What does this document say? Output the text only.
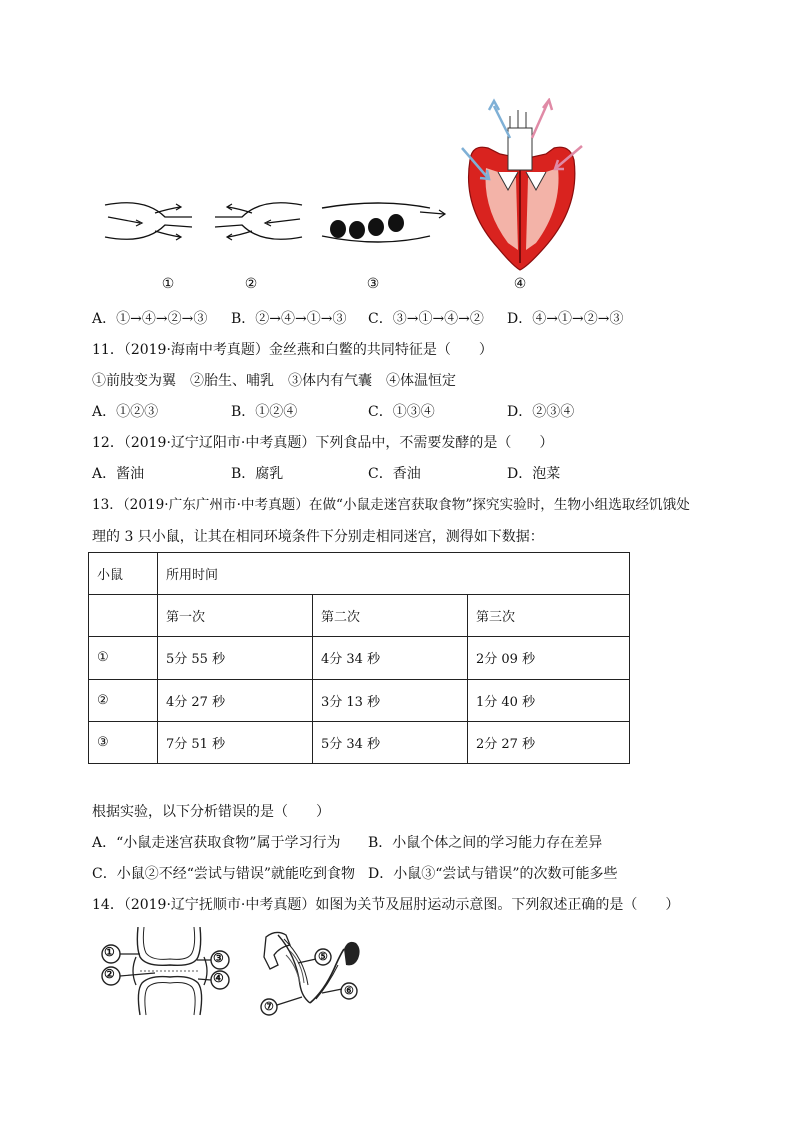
①	②	③	④
A．①→④→②→③ B．②→④→①→③ C．③→①→④→② D．④→①→②→③
11．（2019·海南中考真题）金丝燕和白鳖的共同特征是（　　）
①前肢变为翼　②胎生、哺乳　③体内有气囊　④体温恒定
A．①②③	B．①②④	C．①③④	D．②③④
12．（2019·辽宁辽阳市·中考真题）下列食品中，不需要发酵的是（　　）
A．酱油	B．腐乳	C．香油	D．泡菜
13．（2019·广东广州市·中考真题）在做“小鼠走迷宫获取食物”探究实验时，生物小组选取经饥饿处
理的 3 只小鼠，让其在相同环境条件下分别走相同迷宫，测得如下数据：
小鼠	所用时间		
	第一次	第二次	第三次
①	5分 55 秒	4分 34 秒	2分 09 秒
②	4分 27 秒	3分 13 秒	1分 40 秒
③	7分 51 秒	5分 34 秒	2分 27 秒
根据实验，以下分析错误的是（　　）
A．“小鼠走迷宫获取食物”属于学习行为 B．小鼠个体之间的学习能力存在差异
C．小鼠②不经“尝试与错误”就能吃到食物 D．小鼠③“尝试与错误”的次数可能多些
14．（2019·辽宁抚顺市·中考真题）如图为关节及屈肘运动示意图。下列叙述正确的是（　　）
①
②
③
④
⑤
⑥
⑦
